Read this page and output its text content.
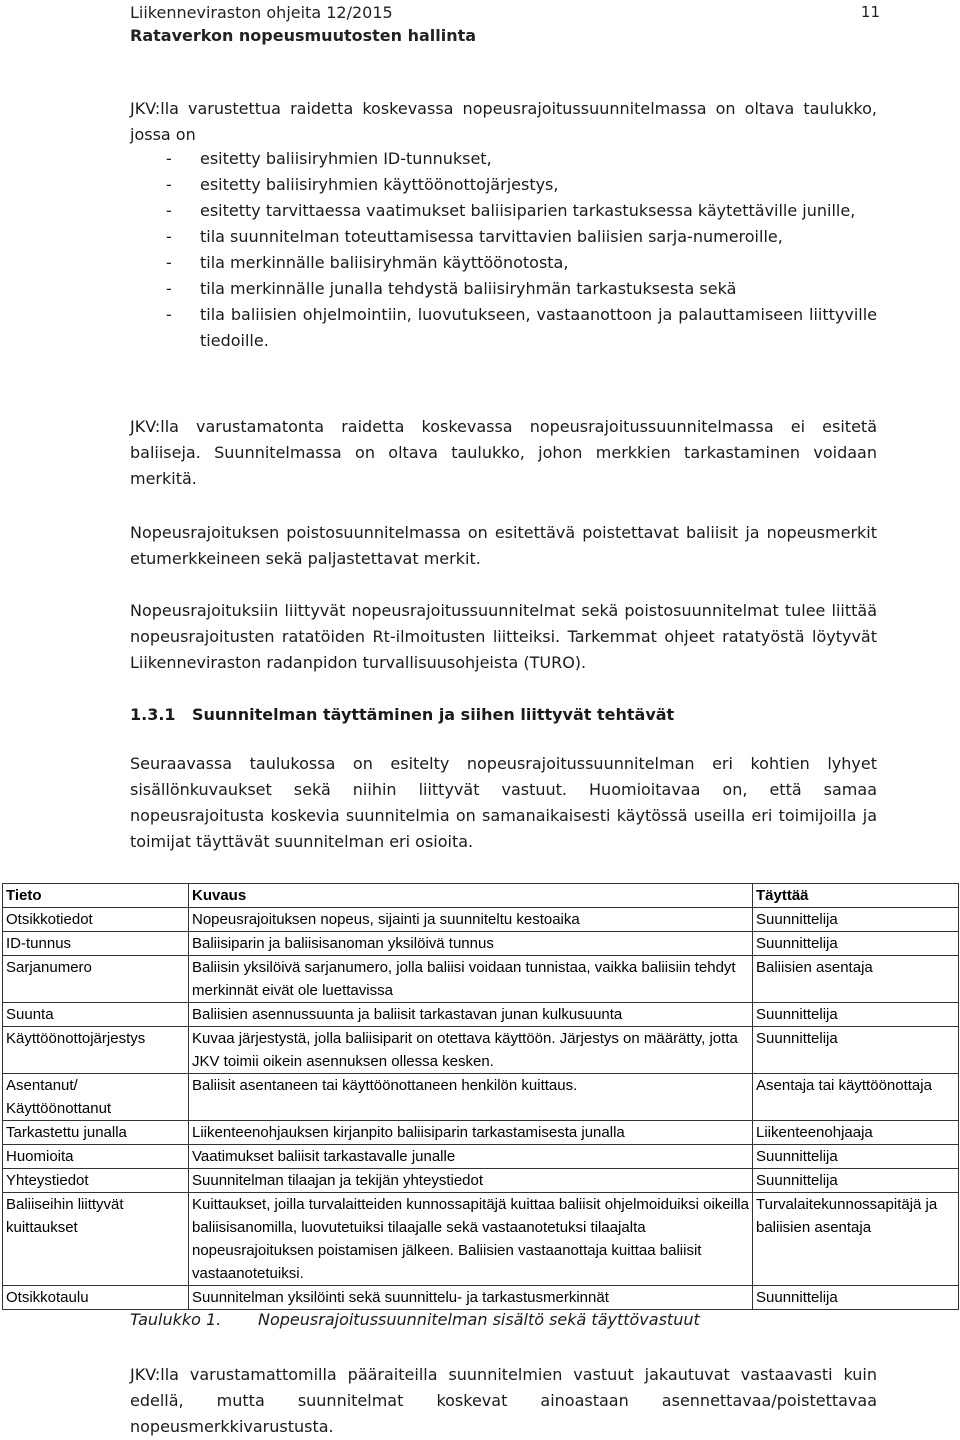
Liikenneviraston ohjeita 12/2015
Rataverkon nopeusmuutosten hallinta
11

JKV:lla varustettua raidetta koskevassa nopeusrajoitussuunnitelmassa on oltava taulukko, jossa on

- esitetty baliisiryhmien ID-tunnukset,
- esitetty baliisiryhmien käyttöönottojärjestys,
- esitetty tarvittaessa vaatimukset baliisiparien tarkastuksessa käytettäville junille,
- tila suunnitelman toteuttamisessa tarvittavien baliisien sarja-numeroille,
- tila merkinnälle baliisiryhmän käyttöönotosta,
- tila merkinnälle junalla tehdystä baliisiryhmän tarkastuksesta sekä
- tila baliisien ohjelmointiin, luovutukseen, vastaanottoon ja palauttamiseen liittyville tiedoille.

JKV:lla varustamatonta raidetta koskevassa nopeusrajoitussuunnitelmassa ei esitetä baliiseja. Suunnitelmassa on oltava taulukko, johon merkkien tarkastaminen voidaan merkitä.

Nopeusrajoituksen poistosuunnitelmassa on esitettävä poistettavat baliisit ja nopeusmerkit etumerkkeineen sekä paljastettavat merkit.

Nopeusrajoituksiin liittyvät nopeusrajoitussuunnitelmat sekä poistosuunnitelmat tulee liittää nopeusrajoitusten ratatöiden Rt-ilmoitusten liitteiksi. Tarkemmat ohjeet ratatyöstä löytyvät Liikenneviraston radanpidon turvallisuusohjeista (TURO).

1.3.1 Suunnitelman täyttäminen ja siihen liittyvät tehtävät

Seuraavassa taulukossa on esitelty nopeusrajoitussuunnitelman eri kohtien lyhyet sisällönkuvaukset sekä niihin liittyvät vastuut. Huomioitavaa on, että samaa nopeusrajoitusta koskevia suunnitelmia on samanaikaisesti käytössä useilla eri toimijoilla ja toimijat täyttävät suunnitelman eri osioita.

Tieto	Kuvaus	Täyttää
Otsikkotiedot	Nopeusrajoituksen nopeus, sijainti ja suunniteltu kestoaika	Suunnittelija
ID-tunnus	Baliisiparin ja baliisisanoman yksilöivä tunnus	Suunnittelija
Sarjanumero	Baliisin yksilöivä sarjanumero, jolla baliisi voidaan tunnistaa, vaikka baliisiin tehdyt merkinnät eivät ole luettavissa	Baliisien asentaja
Suunta	Baliisien asennussuunta ja baliisit tarkastavan junan kulkusuunta	Suunnittelija
Käyttöönottojärjestys	Kuvaa järjestystä, jolla baliisiparit on otettava käyttöön. Järjestys on määrätty, jotta JKV toimii oikein asennuksen ollessa kesken.	Suunnittelija
Asentanut/ Käyttöönottanut	Baliisit asentaneen tai käyttöönottaneen henkilön kuittaus.	Asentaja tai käyttöönottaja
Tarkastettu junalla	Liikenteenohjauksen kirjanpito baliisiparin tarkastamisesta junalla	Liikenteenohjaaja
Huomioita	Vaatimukset baliisit tarkastavalle junalle	Suunnittelija
Yhteystiedot	Suunnitelman tilaajan ja tekijän yhteystiedot	Suunnittelija
Baliiseihin liittyvät kuittaukset	Kuittaukset, joilla turvalaitteiden kunnossapitäjä kuittaa baliisit ohjelmoiduiksi oikeilla baliisisanomilla, luovutetuiksi tilaajalle sekä vastaanotetuksi tilaajalta nopeusrajoituksen poistamisen jälkeen. Baliisien vastaanottaja kuittaa baliisit vastaanotetuiksi.	Turvalaitekunnossapitäjä ja baliisien asentaja
Otsikkotaulu	Suunnitelman yksilöinti sekä suunnittelu- ja tarkastusmerkinnät	Suunnittelija
Taulukko 1. Nopeusrajoitussuunnitelman sisältö sekä täyttövastuut

JKV:lla varustamattomilla pääraiteilla suunnitelmien vastuut jakautuvat vastaavasti kuin edellä, mutta suunnitelmat koskevat ainoastaan asennettavaa/poistettavaa nopeusmerkkivarustusta.
